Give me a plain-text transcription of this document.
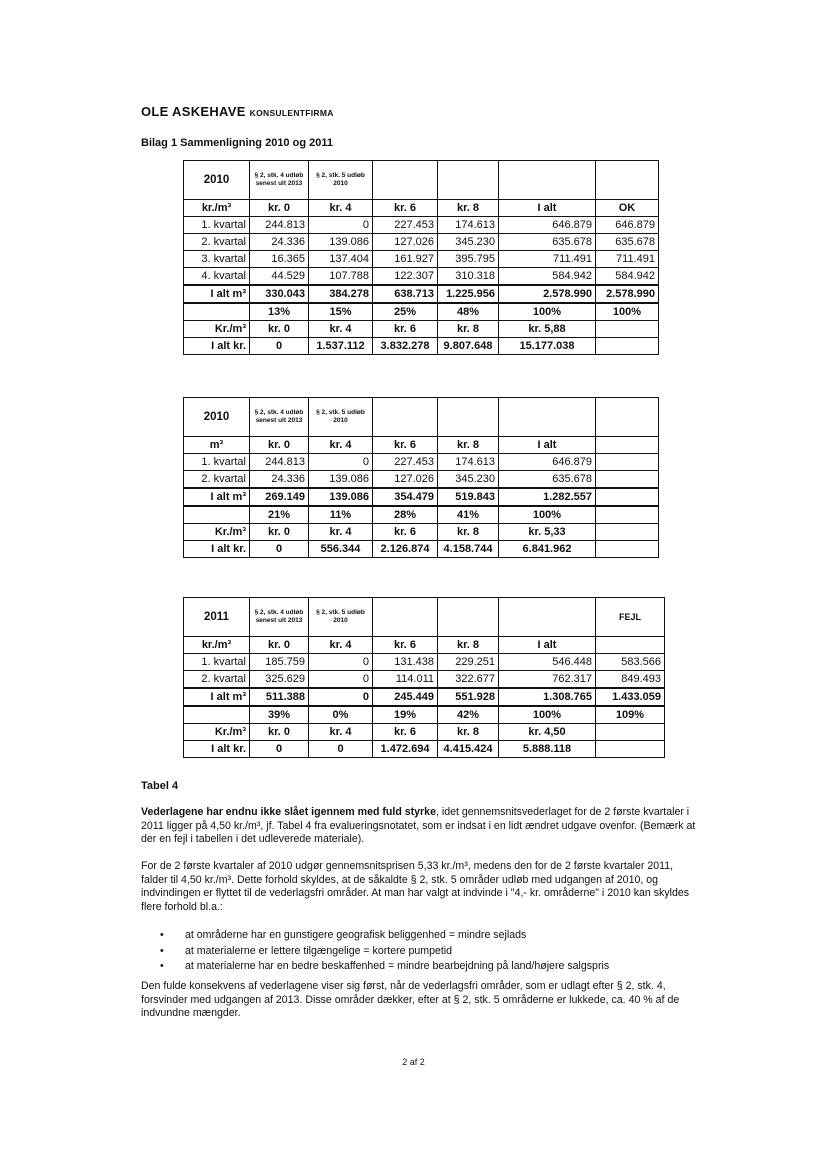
OLE ASKEHAVE KONSULENTFIRMA
Bilag 1 Sammenligning 2010 og 2011
2010	§ 2, stk. 4 udløb senest ult 2013	§ 2, stk. 5 udløb 2010				
kr./m³	kr. 0	kr. 4	kr. 6	kr. 8	I alt	OK
1. kvartal	244.813	0	227.453	174.613	646.879	646.879
2. kvartal	24.336	139.086	127.026	345.230	635.678	635.678
3. kvartal	16.365	137.404	161.927	395.795	711.491	711.491
4. kvartal	44.529	107.788	122.307	310.318	584.942	584.942
I alt m³	330.043	384.278	638.713	1.225.956	2.578.990	2.578.990
	13%	15%	25%	48%	100%	100%
Kr./m³	kr. 0	kr. 4	kr. 6	kr. 8	kr. 5,88	
I alt kr.	0	1.537.112	3.832.278	9.807.648	15.177.038	
2010	§ 2, stk. 4 udløb senest ult 2013	§ 2, stk. 5 udløb 2010				
m³	kr. 0	kr. 4	kr. 6	kr. 8	I alt	
1. kvartal	244.813	0	227.453	174.613	646.879	
2. kvartal	24.336	139.086	127.026	345.230	635.678	
I alt m³	269.149	139.086	354.479	519.843	1.282.557	
	21%	11%	28%	41%	100%	
Kr./m³	kr. 0	kr. 4	kr. 6	kr. 8	kr. 5,33	
I alt kr.	0	556.344	2.126.874	4.158.744	6.841.962	
2011	§ 2, stk. 4 udløb senest ult 2013	§ 2, stk. 5 udløb 2010				FEJL
kr./m³	kr. 0	kr. 4	kr. 6	kr. 8	I alt	
1. kvartal	185.759	0	131.438	229.251	546.448	583.566
2. kvartal	325.629	0	114.011	322.677	762.317	849.493
I alt m³	511.388	0	245.449	551.928	1.308.765	1.433.059
	39%	0%	19%	42%	100%	109%
Kr./m³	kr. 0	kr. 4	kr. 6	kr. 8	kr. 4,50	
I alt kr.	0	0	1.472.694	4.415.424	5.888.118	
Tabel 4
Vederlagene har endnu ikke slået igennem med fuld styrke, idet gennemsnitsvederlaget for de 2 første kvartaler i 2011 ligger på 4,50 kr./m³, jf. Tabel 4 fra evalueringsnotatet, som er indsat i en lidt ændret udgave ovenfor. (Bemærk at der en fejl i tabellen i det udleverede materiale).
For de 2 første kvartaler af 2010 udgør gennemsnitsprisen 5,33 kr./m³, medens den for de 2 første kvartaler 2011, falder til 4,50 kr./m³. Dette forhold skyldes, at de såkaldte § 2, stk. 5 områder udløb med udgangen af 2010, og indvindingen er flyttet til de vederlagsfri områder. At man har valgt at indvinde i "4,- kr. områderne" i 2010 kan skyldes flere forhold bl.a.:
• at områderne har en gunstigere geografisk beliggenhed = mindre sejlads
• at materialerne er lettere tilgængelige = kortere pumpetid
• at materialerne har en bedre beskaffenhed = mindre bearbejdning på land/højere salgspris
Den fulde konsekvens af vederlagene viser sig først, når de vederlagsfri områder, som er udlagt efter § 2, stk. 4, forsvinder med udgangen af 2013. Disse områder dækker, efter at § 2, stk. 5 områderne er lukkede, ca. 40 % af de indvundne mængder.
2 af 2
